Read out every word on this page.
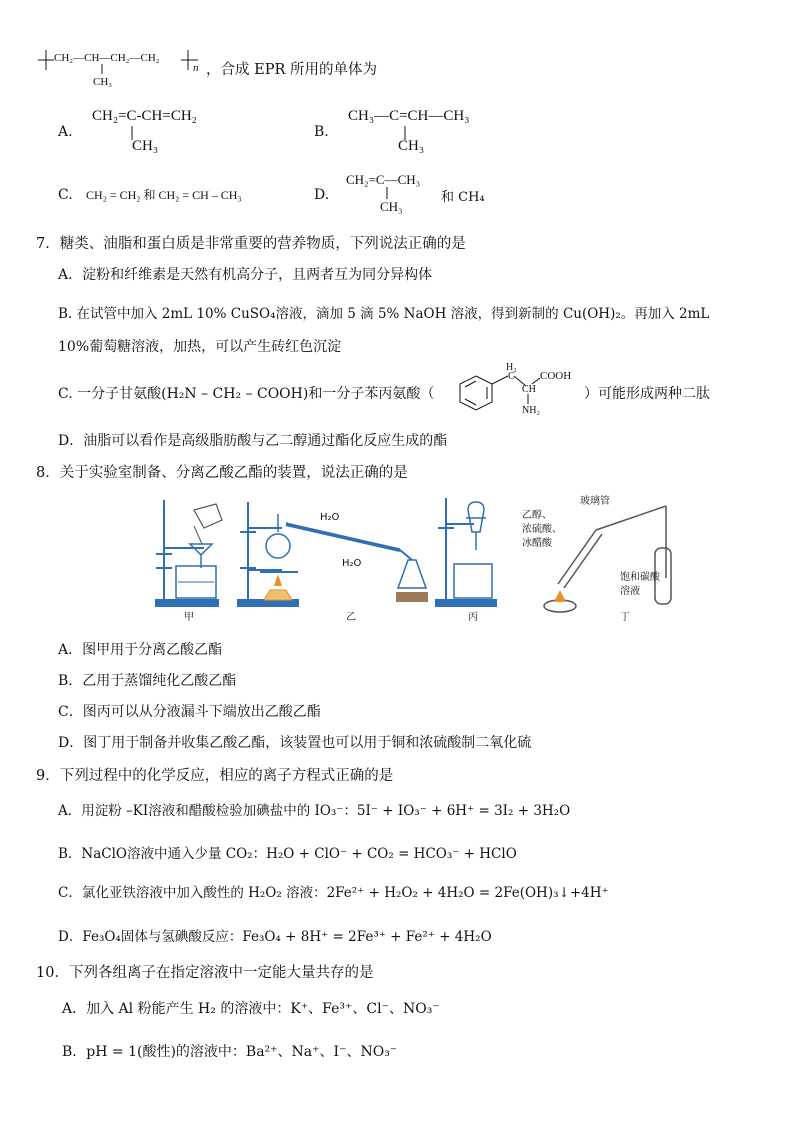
CH₂—CH—CH₂—CH₂
CH₃
n ，合成 EPR 所用的单体为
A.
CH₂=C-CH=CH₂
CH₃
B.
CH₃—C=CH—CH₃
CH₃
C. CH₂ = CH₂ 和 CH₂ = CH – CH₃	D.
CH₂=C—CH₃
CH₃
和 CH₄
7．糖类、油脂和蛋白质是非常重要的营养物质，下列说法正确的是
A．淀粉和纤维素是天然有机高分子，且两者互为同分异构体
B. 在试管中加入 2mL 10% CuSO₄溶液，滴加 5 滴 5% NaOH 溶液，得到新制的 Cu(OH)₂。再加入 2mL
10%葡萄糖溶液，加热，可以产生砖红色沉淀
C. 一分子甘氨酸(H₂N – CH₂ – COOH)和一分子苯丙氨酸（
H₂
C COOH
CH
NH₂
）可能形成两种二肽
D．油脂可以看作是高级脂肪酸与乙二醇通过酯化反应生成的酯
8．关于实验室制备、分离乙酸乙酯的装置，说法正确的是
H₂O
H₂O
玻璃管
乙醇、
浓硫酸、
冰醋酸
饱和碳酸
溶液
甲	乙	丙	丁
A．图甲用于分离乙酸乙酯
B．乙用于蒸馏纯化乙酸乙酯
C．图丙可以从分液漏斗下端放出乙酸乙酯
D．图丁用于制备并收集乙酸乙酯，该装置也可以用于铜和浓硫酸制二氧化硫
9．下列过程中的化学反应，相应的离子方程式正确的是
A．用淀粉 –KI溶液和醋酸检验加碘盐中的 IO₃⁻：5I⁻ + IO₃⁻ + 6H⁺ = 3I₂ + 3H₂O
B．NaClO溶液中通入少量 CO₂：H₂O + ClO⁻ + CO₂ = HCO₃⁻ + HClO
C．氯化亚铁溶液中加入酸性的 H₂O₂ 溶液：2Fe²⁺ + H₂O₂ + 4H₂O = 2Fe(OH)₃↓+4H⁺
D．Fe₃O₄固体与氢碘酸反应：Fe₃O₄ + 8H⁺ = 2Fe³⁺ + Fe²⁺ + 4H₂O
10．下列各组离子在指定溶液中一定能大量共存的是
A．加入 Al 粉能产生 H₂ 的溶液中：K⁺、Fe³⁺、Cl⁻、NO₃⁻
B．pH = 1(酸性)的溶液中：Ba²⁺、Na⁺、I⁻、NO₃⁻
